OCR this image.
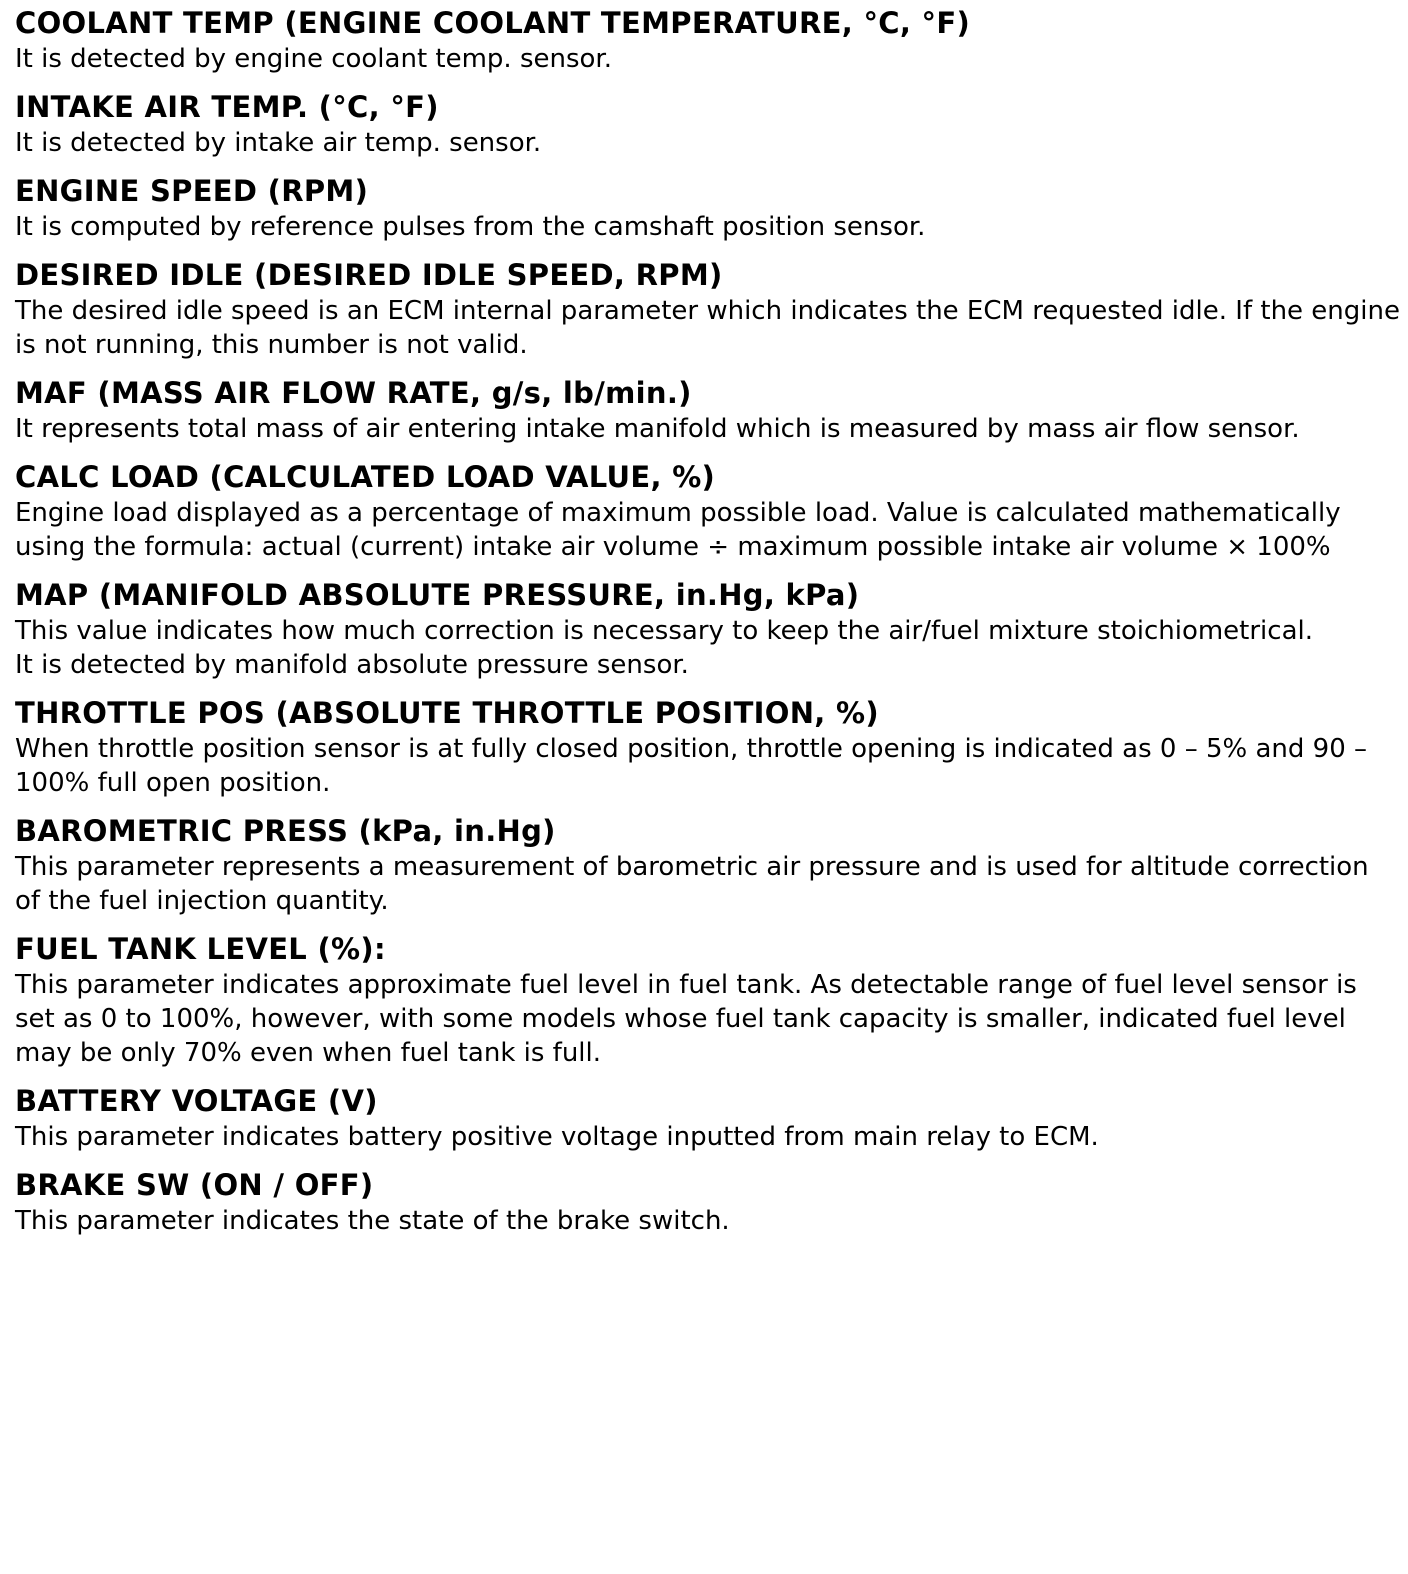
COOLANT TEMP (ENGINE COOLANT TEMPERATURE, °C, °F)

It is detected by engine coolant temp. sensor.

INTAKE AIR TEMP. (°C, °F)

It is detected by intake air temp. sensor.

ENGINE SPEED (RPM)

It is computed by reference pulses from the camshaft position sensor.

DESIRED IDLE (DESIRED IDLE SPEED, RPM)

The desired idle speed is an ECM internal parameter which indicates the ECM requested idle. If the engine is not running, this number is not valid.

MAF (MASS AIR FLOW RATE, g/s, lb/min.)

It represents total mass of air entering intake manifold which is measured by mass air flow sensor.

CALC LOAD (CALCULATED LOAD VALUE, %)

Engine load displayed as a percentage of maximum possible load. Value is calculated mathematically using the formula: actual (current) intake air volume ÷ maximum possible intake air volume × 100%

MAP (MANIFOLD ABSOLUTE PRESSURE, in.Hg, kPa)

This value indicates how much correction is necessary to keep the air/fuel mixture stoichiometrical.

It is detected by manifold absolute pressure sensor.

THROTTLE POS (ABSOLUTE THROTTLE POSITION, %)

When throttle position sensor is at fully closed position, throttle opening is indicated as 0 – 5% and 90 – 100% full open position.

BAROMETRIC PRESS (kPa, in.Hg)

This parameter represents a measurement of barometric air pressure and is used for altitude correction of the fuel injection quantity.

FUEL TANK LEVEL (%):

This parameter indicates approximate fuel level in fuel tank. As detectable range of fuel level sensor is set as 0 to 100%, however, with some models whose fuel tank capacity is smaller, indicated fuel level may be only 70% even when fuel tank is full.

BATTERY VOLTAGE (V)

This parameter indicates battery positive voltage inputted from main relay to ECM.

BRAKE SW (ON / OFF)

This parameter indicates the state of the brake switch.
